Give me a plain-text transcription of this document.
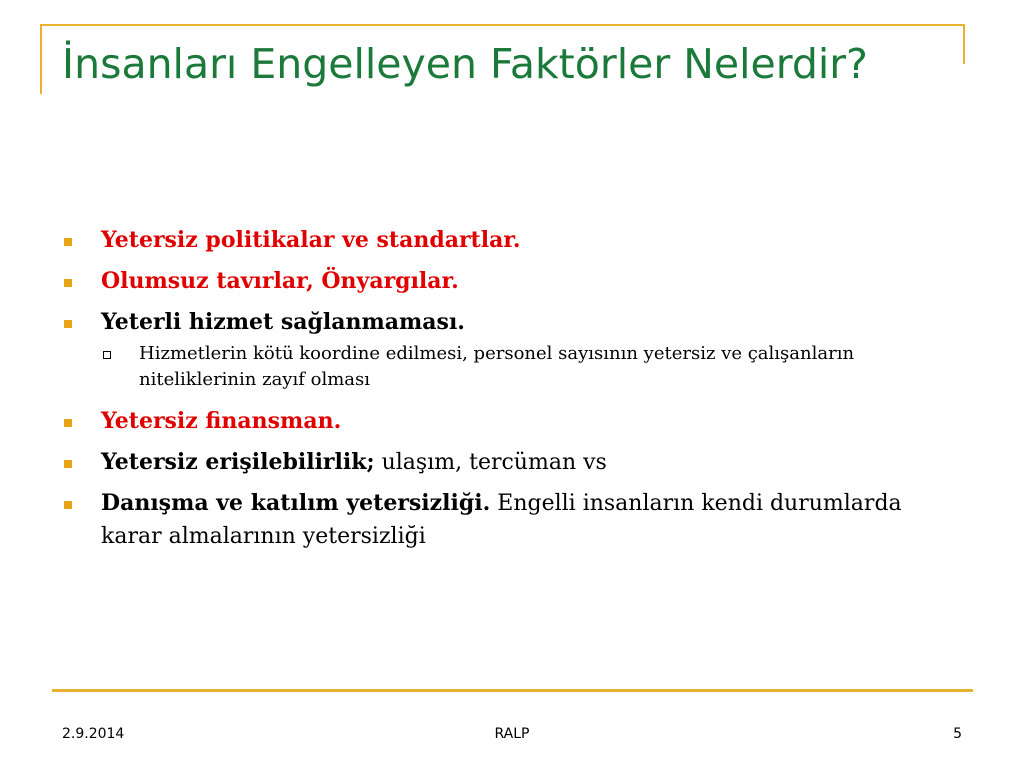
İnsanları Engelleyen Faktörler Nelerdir?
Yetersiz politikalar ve standartlar.
Olumsuz tavırlar, Önyargılar.
Yeterli hizmet sağlanmaması.
Hizmetlerin kötü koordine edilmesi, personel sayısının yetersiz ve çalışanların niteliklerinin zayıf olması
Yetersiz finansman.
Yetersiz erişilebilirlik; ulaşım, tercüman vs
Danışma ve katılım yetersizliği. Engelli insanların kendi durumlarda karar almalarının yetersizliği
2.9.2014	RALP	5
